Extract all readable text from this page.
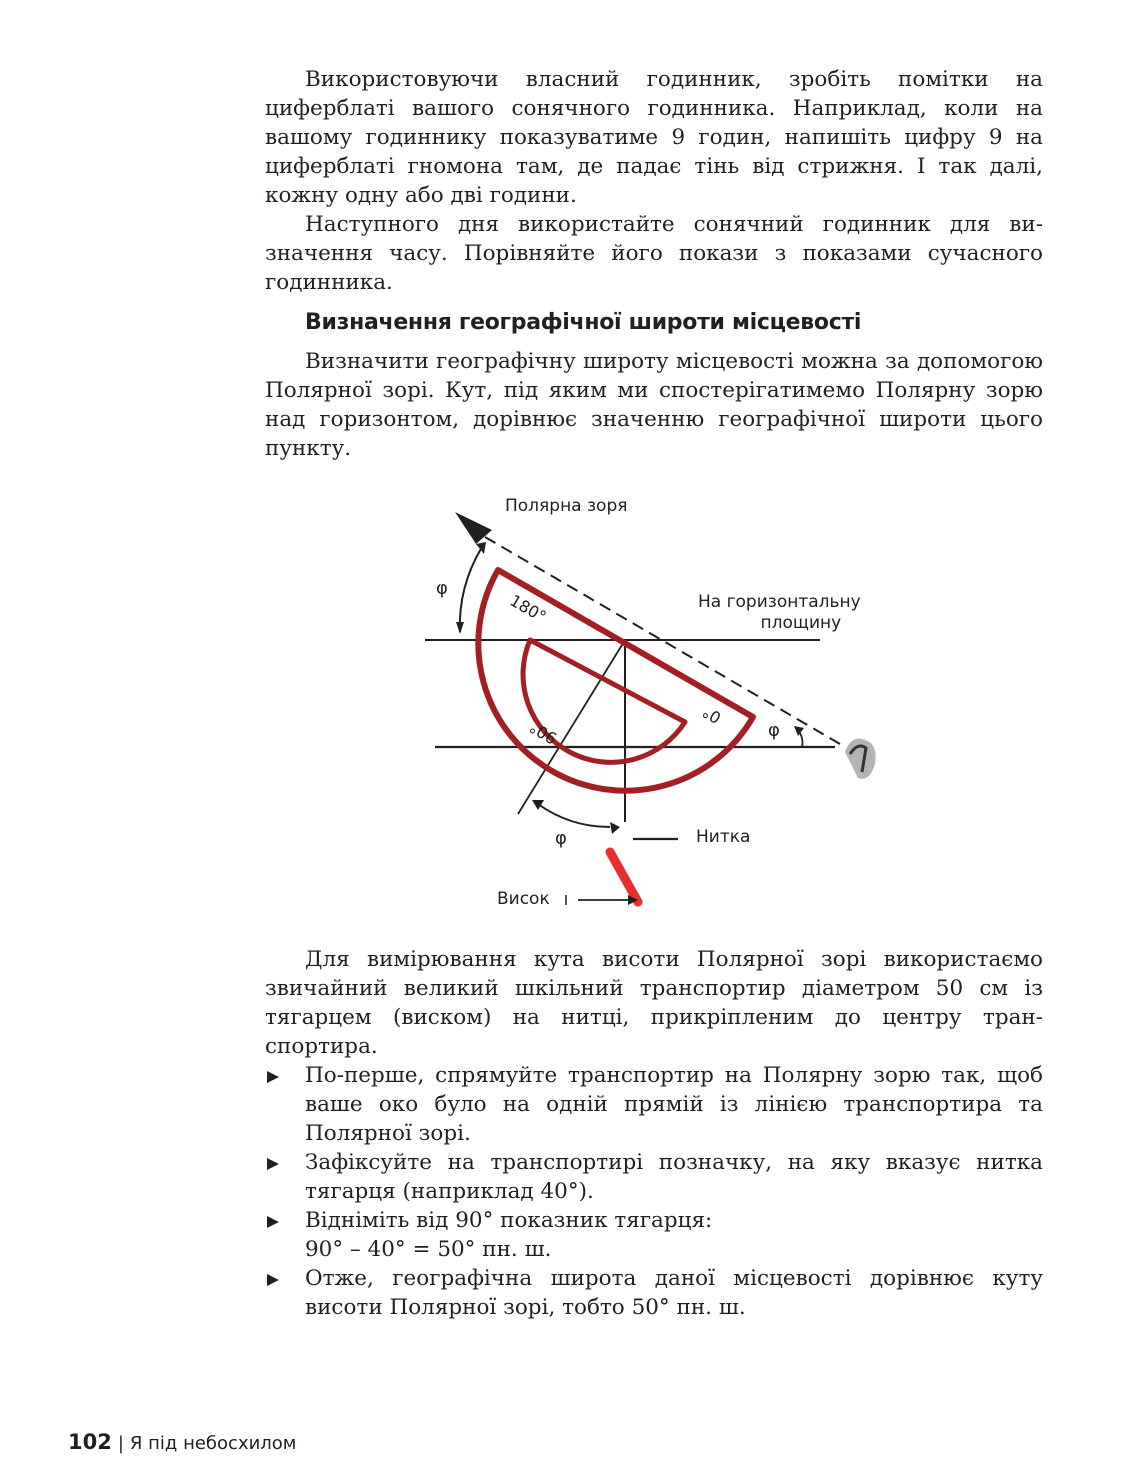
Використовуючи власний годинник, зробіть помітки на циферблаті вашого сонячного годинника. Наприклад, коли на вашому годиннику показуватиме 9 годин, напишіть цифру 9 на циферблаті гномона там, де падає тінь від стрижня. І так далі, кожну одну або дві години.

Наступного дня використайте сонячний годинник для визначення часу. Порівняйте його покази з показами сучасного годинника.

Визначення географічної широти місцевості

Визначити географічну широту місцевості можна за допомогою Полярної зорі. Кут, під яким ми спостерігатимемо Полярну зорю над горизонтом, дорівнює значенню географічної широти цього пункту.

180°
90°
0°
Полярна зоря
На горизонтальну
площину
φ
φ
φ	Нитка
Висок

Для вимірювання кута висоти Полярної зорі використаємо звичайний великий шкільний транспортир діаметром 50 см із тягарцем (виском) на нитці, прикріпленим до центру транспортира.

По-перше, спрямуйте транспортир на Полярну зорю так, щоб ваше око було на одній прямій із лінією транспортира та Полярної зорі.
Зафіксуйте на транспортирі позначку, на яку вказує нитка тягарця (наприклад 40°).
Відніміть від 90° показник тягарця:
90° – 40° = 50° пн. ш.
Отже, географічна широта даної місцевості дорівнює куту висоти Полярної зорі, тобто 50° пн. ш.
102 | Я під небосхилом
